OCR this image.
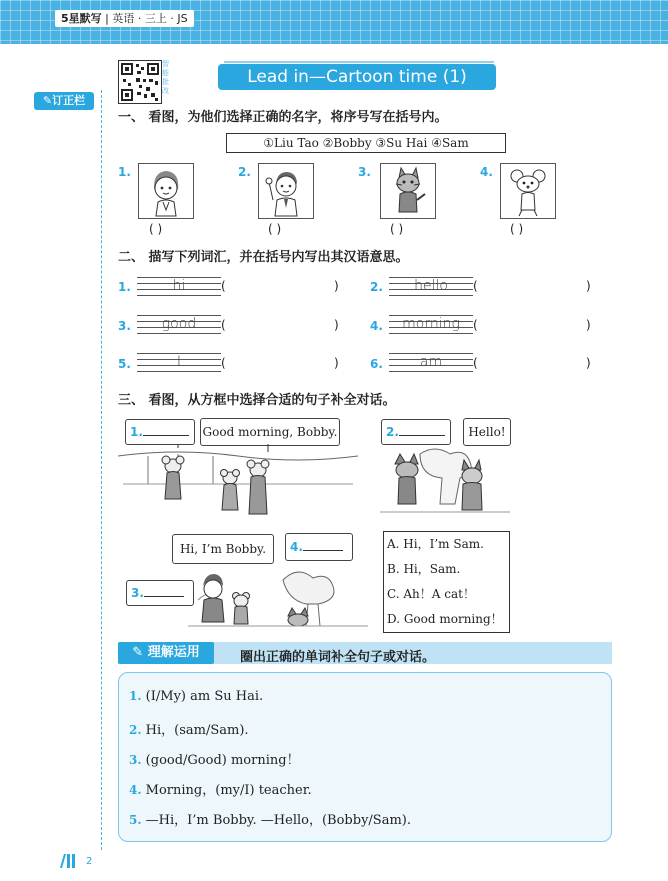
5星默写 | 英语 · 三上 · JS
✎订正栏
智能批改
Lead in—Cartoon time (1)
一、 看图，为他们选择正确的名字，将序号写在括号内。
①Liu Tao ②Bobby ③Su Hai ④Sam
1.
( )
2.
( )
3.
( )
4.
( )
二、 描写下列词汇，并在括号内写出其汉语意思。
1.	hi	(	)	2.	hello	(	)
3.	good	(	)	4.	morning	(	)
5.	I	(	)	6.	am	(	)
三、 看图，从方框中选择合适的句子补全对话。
1.	Good morning, Bobby.	2.	Hello!
Hi, I’m Bobby.	4.
3.
A. Hi，I’m Sam.
B. Hi，Sam.
C. Ah！A cat！
D. Good morning！
✎ 理解运用	圈出正确的单词补全句子或对话。
1. (I/My) am Su Hai.
2. Hi，(sam/Sam).
3. (good/Good) morning！
4. Morning，(my/I) teacher.
5. —Hi，I’m Bobby. —Hello，(Bobby/Sam).
2
